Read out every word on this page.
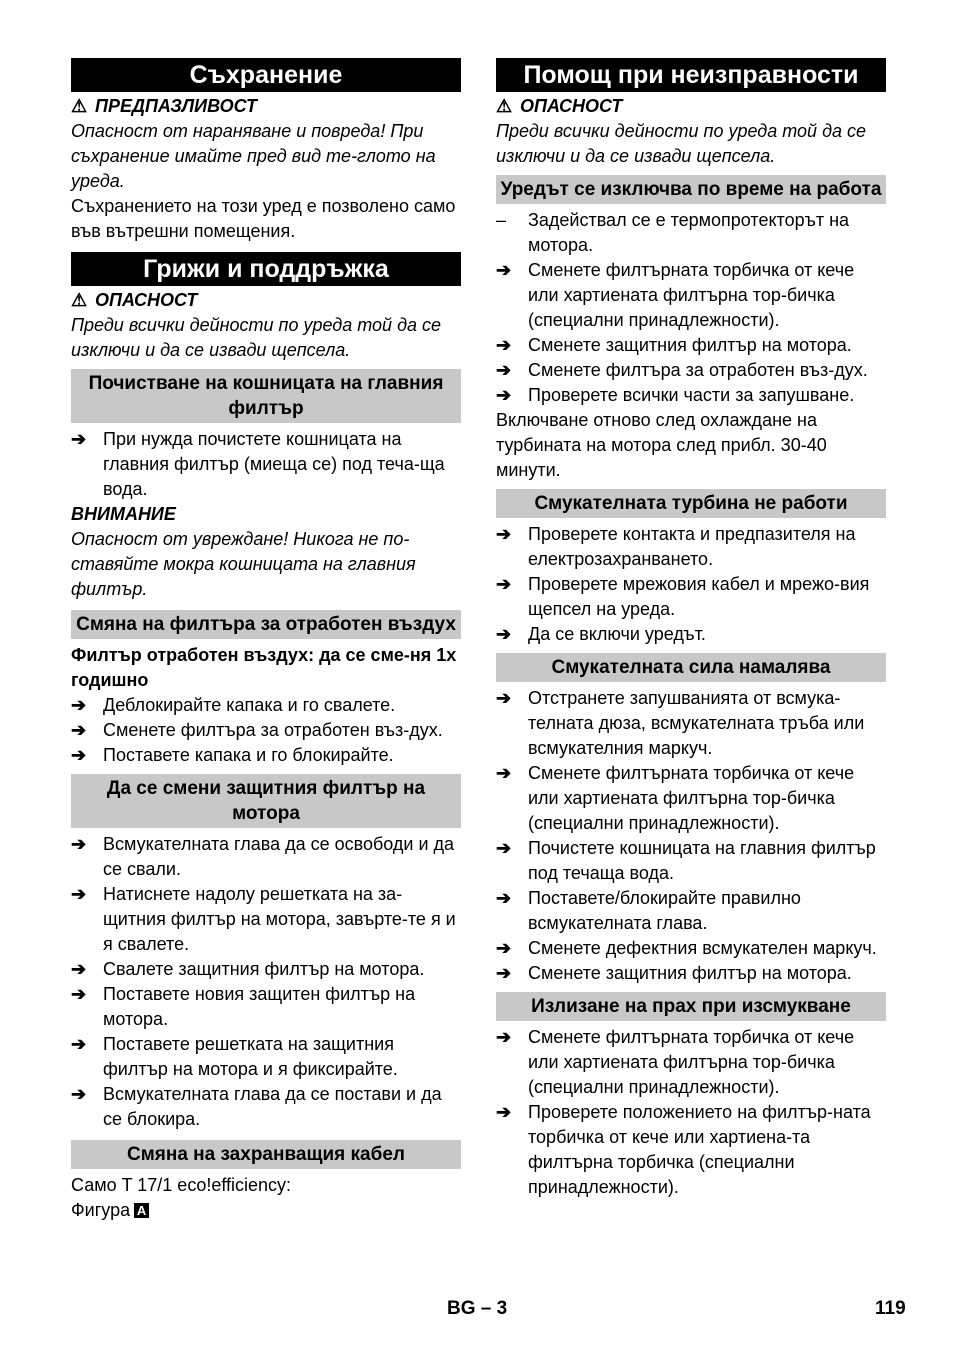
Съхранение
⚠ ПРЕДПАЗЛИВОСТ
Опасност от нараняване и повреда! При съхранение имайте пред вид те-глото на уреда.
Съхранението на този уред е позволено само във вътрешни помещения.
Грижи и поддръжка
⚠ ОПАСНОСТ
Преди всички дейности по уреда той да се изключи и да се извади щепсела.
Почистване на кошницата на главния филтър
➔ При нужда почистете кошницата на главния филтър (миеща се) под теча-ща вода.
ВНИМАНИЕ
Опасност от увреждане! Никога не по-ставяйте мокра кошницата на главния филтър.
Смяна на филтъра за отработен въздух
Филтър отработен въздух: да се сме-ня 1x годишно
➔ Деблокирайте капака и го свалете.
➔ Сменете филтъра за отработен въз-дух.
➔ Поставете капака и го блокирайте.
Да се смени защитния филтър на мотора
➔ Всмукателната глава да се освободи и да се свали.
➔ Натиснете надолу решетката на за-щитния филтър на мотора, завърте-те я и я свалете.
➔ Свалете защитния филтър на мотора.
➔ Поставете новия защитен филтър на мотора.
➔ Поставете решетката на защитния филтър на мотора и я фиксирайте.
➔ Всмукателната глава да се постави и да се блокира.
Смяна на захранващия кабел
Само T 17/1 eco!efficiency:
Фигура A
Помощ при неизправности
⚠ ОПАСНОСТ
Преди всички дейности по уреда той да се изключи и да се извади щепсела.
Уредът се изключва по време на работа
–	Задействал се е термопротекторът на мотора.
➔ Сменете филтърната торбичка от кече или хартиената филтърна тор-бичка (специални принадлежности).
➔ Сменете защитния филтър на мотора.
➔ Сменете филтъра за отработен въз-дух.
➔ Проверете всички части за запушване.
Включване отново след охлаждане на турбината на мотора след прибл. 30-40 минути.
Смукателната турбина не работи
➔ Проверете контакта и предпазителя на електрозахранването.
➔ Проверете мрежовия кабел и мрежо-вия щепсел на уреда.
➔ Да се включи уредът.
Смукателната сила намалява
➔ Отстранете запушванията от всмука-телната дюза, всмукателната тръба или всмукателния маркуч.
➔ Сменете филтърната торбичка от кече или хартиената филтърна тор-бичка (специални принадлежности).
➔ Почистете кошницата на главния филтър под течаща вода.
➔ Поставете/блокирайте правилно всмукателната глава.
➔ Сменете дефектния всмукателен маркуч.
➔ Сменете защитния филтър на мотора.
Излизане на прах при изсмукване
➔ Сменете филтърната торбичка от кече или хартиената филтърна тор-бичка (специални принадлежности).
➔ Проверете положението на филтър-ната торбичка от кече или хартиена-та филтърна торбичка (специални принадлежности).
BG – 3	119
